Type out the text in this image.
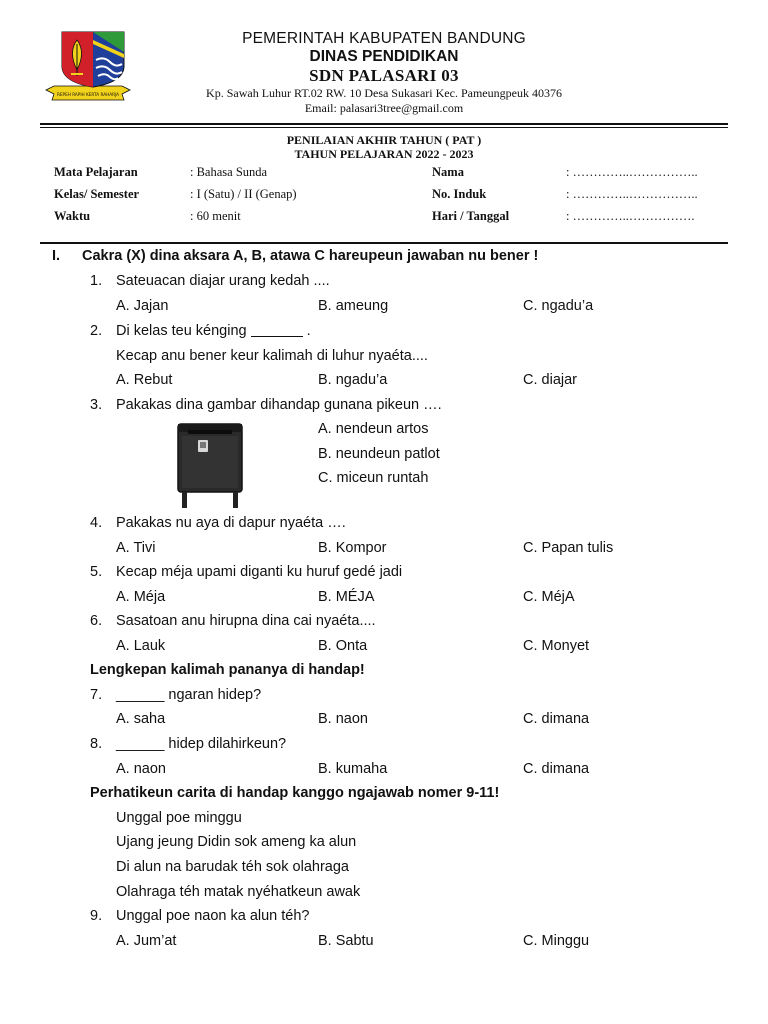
REPEH RAPIH KERTA RAHARJA
PEMERINTAH KABUPATEN BANDUNG
DINAS PENDIDIKAN
SDN PALASARI 03
Kp. Sawah Luhur RT.02 RW. 10 Desa Sukasari Kec. Pameungpeuk 40376
Email: palasari3tree@gmail.com
PENILAIAN AKHIR TAHUN ( PAT )
TAHUN PELAJARAN 2022 - 2023
Mata Pelajaran	: Bahasa Sunda	Nama	: …………..……………..
Kelas/ Semester	: I (Satu) / II (Genap)	No. Induk	: …………..……………..
Waktu	: 60 menit	Hari / Tanggal	: …………..…………….
I. Cakra (X) dina aksara A, B, atawa C hareupeun jawaban nu bener !
1. Sateuacan diajar urang kedah ....
A. Jajan	B. ameung	C. ngadu’a
2. Di kelas teu kénging	.
Kecap anu bener keur kalimah di luhur nyaéta....
A. Rebut	B. ngadu’a	C. diajar
3. Pakakas dina gambar dihandap gunana pikeun ….
A. nendeun artos
B. neundeun patlot
C. miceun runtah
4. Pakakas nu aya di dapur nyaéta ….
A. Tivi	B. Kompor	C. Papan tulis
5. Kecap méja upami diganti ku huruf gedé jadi
A. Méja	B. MÉJA	C. MéjA
6. Sasatoan anu hirupna dina cai nyaéta....
A. Lauk	B. Onta	C. Monyet
Lengkepan kalimah pananya di handap!
7. ______ ngaran hidep?
A. saha	B. naon	C. dimana
8. ______ hidep dilahirkeun?
A. naon	B. kumaha	C. dimana
Perhatikeun carita di handap kanggo ngajawab nomer 9-11!
Unggal poe minggu
Ujang jeung Didin sok ameng ka alun
Di alun na barudak téh sok olahraga
Olahraga téh matak nyéhatkeun awak
9. Unggal poe naon ka alun téh?
A. Jum’at	B. Sabtu	C. Minggu
